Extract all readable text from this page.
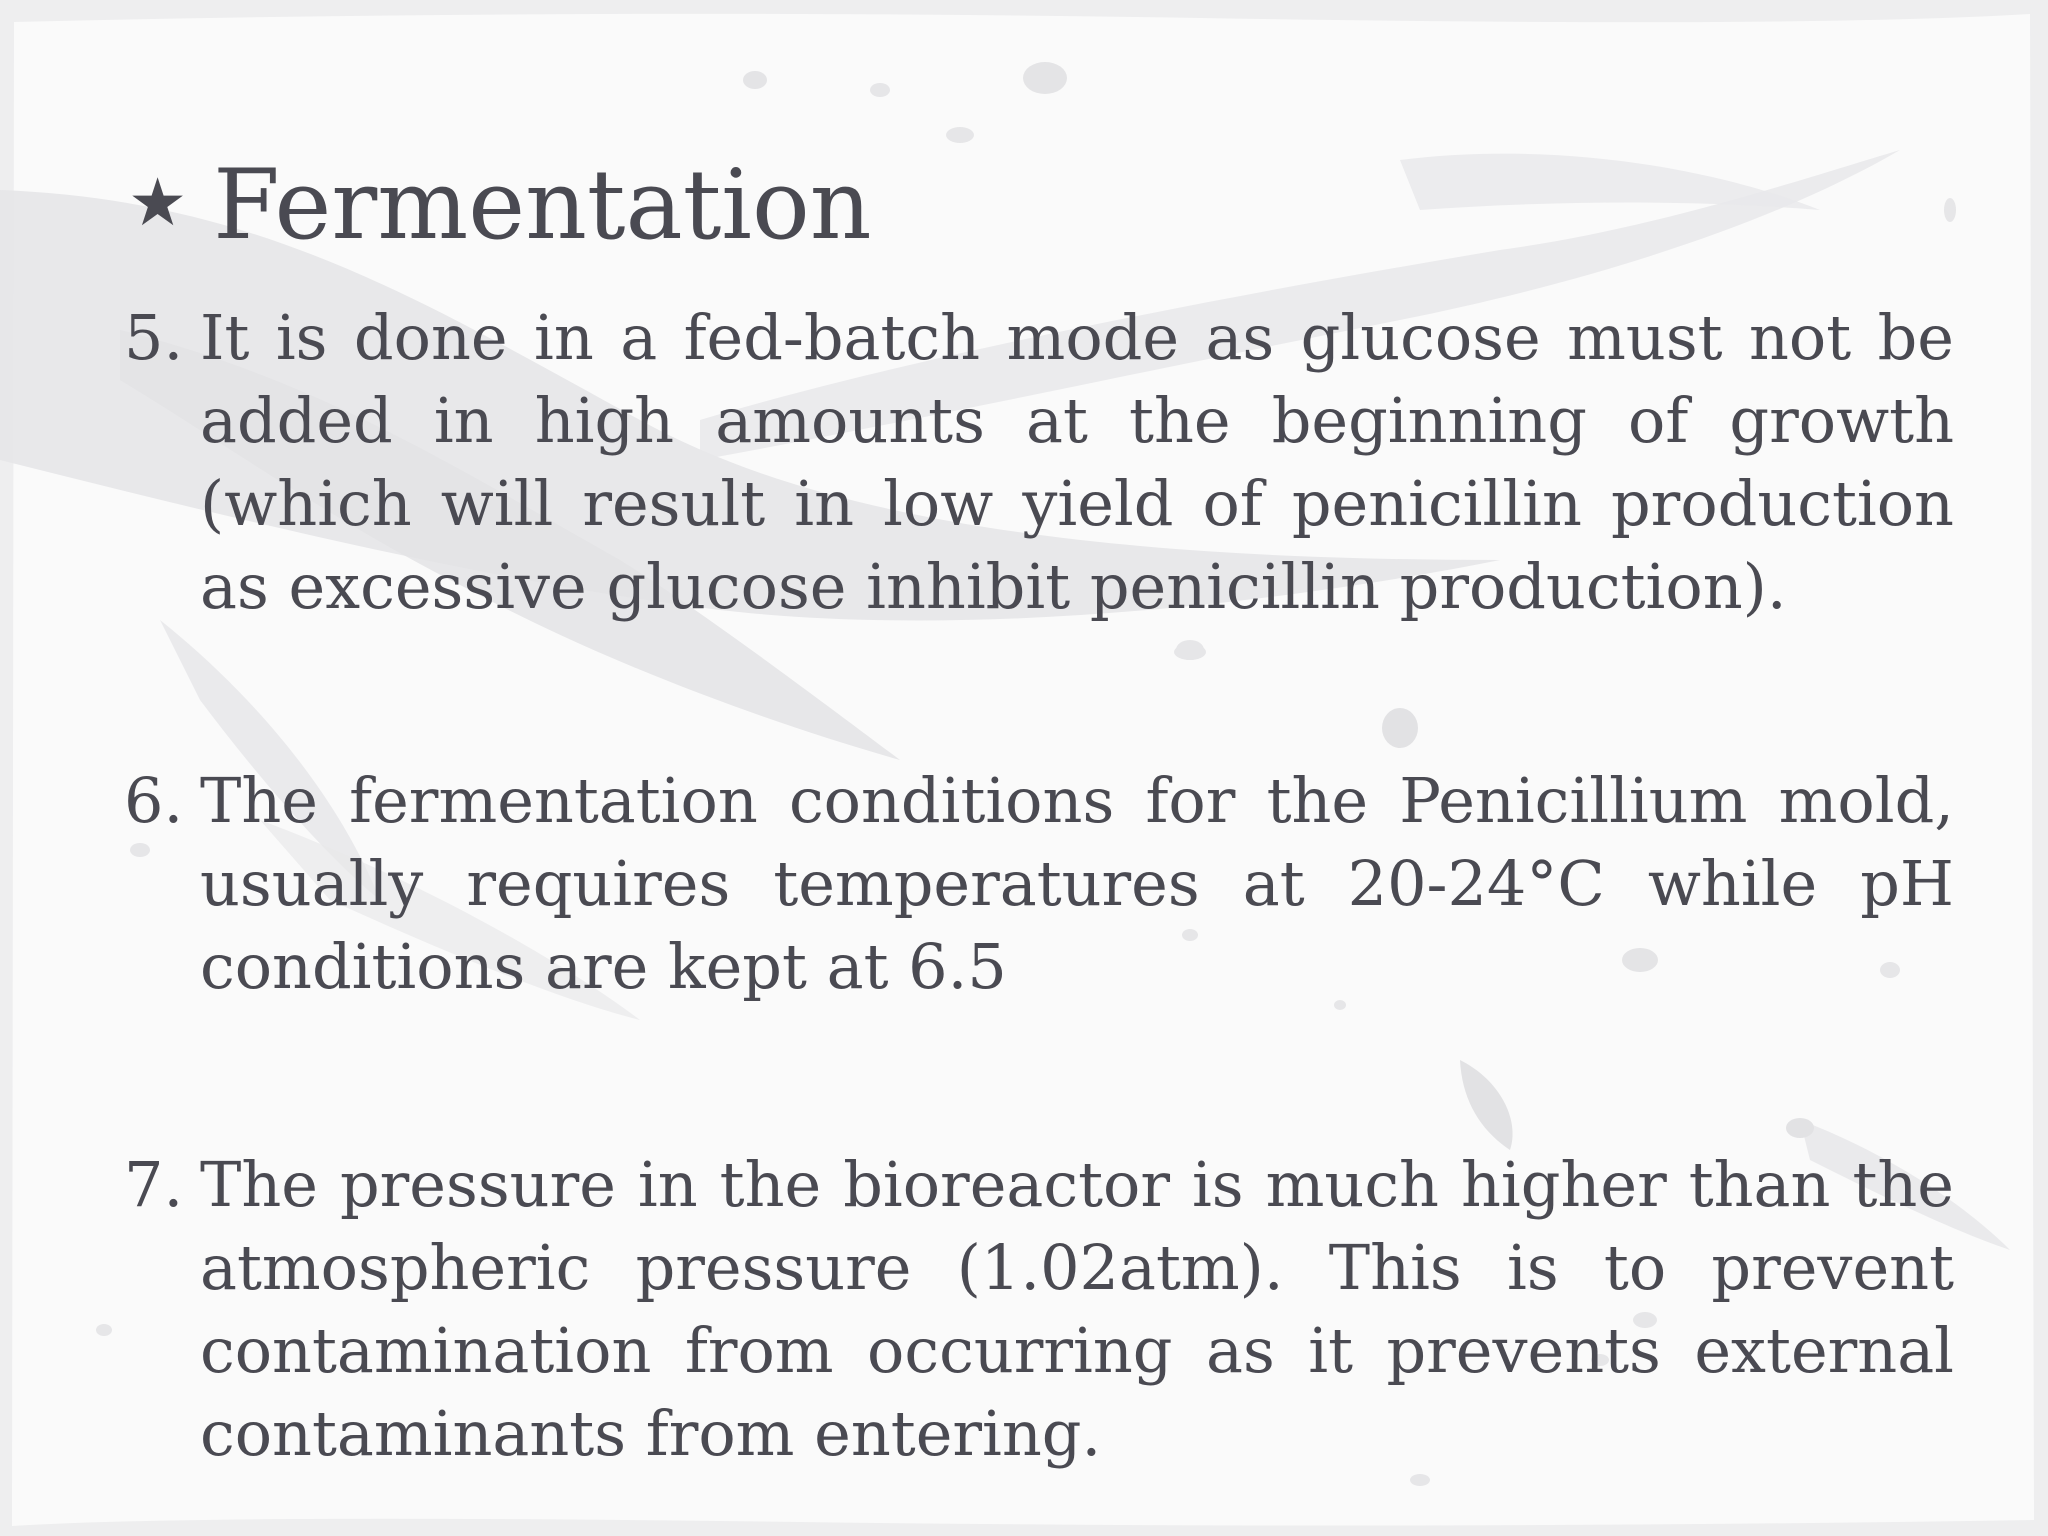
★ Fermentation
5. It is done in a fed-batch mode as glucose must not be added in high amounts at the beginning of growth (which will result in low yield of penicillin production as excessive glucose inhibit penicillin production).
6. The fermentation conditions for the Penicillium mold, usually requires temperatures at 20-24°C while pH conditions are kept at 6.5
7. The pressure in the bioreactor is much higher than the atmospheric pressure (1.02atm). This is to prevent contamination from occurring as it prevents external contaminants from entering.
